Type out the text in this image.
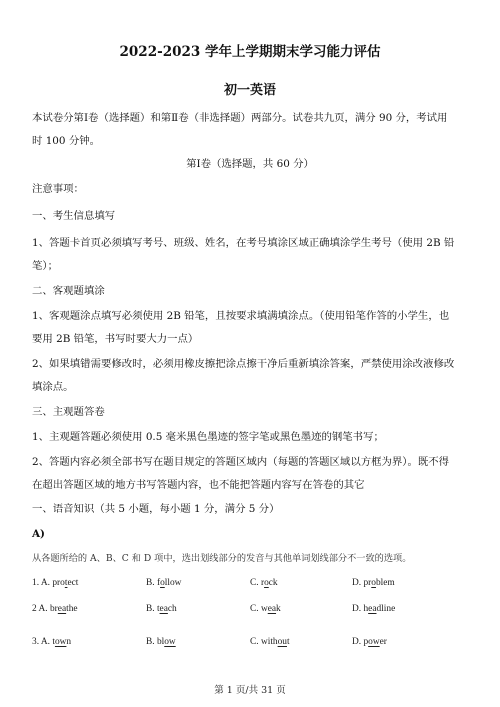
2022-2023 学年上学期期末学习能力评估
初一英语
本试卷分第Ⅰ卷（选择题）和第Ⅱ卷（非选择题）两部分。试卷共九页，满分 90 分，考试用
时 100 分钟。
第Ⅰ卷（选择题，共 60 分）
注意事项：
一、考生信息填写
1、答题卡首页必须填写考号、班级、姓名，在考号填涂区域正确填涂学生考号（使用 2B 铅
笔）；
二、客观题填涂
1、客观题涂点填写必须使用 2B 铅笔，且按要求填满填涂点。（使用铅笔作答的小学生，也
要用 2B 铅笔，书写时要大力一点）
2、如果填错需要修改时，必须用橡皮擦把涂点擦干净后重新填涂答案，严禁使用涂改液修改
填涂点。
三、主观题答卷
1、主观题答题必须使用 0.5 毫米黑色墨迹的签字笔或黑色墨迹的钢笔书写；
2、答题内容必须全部书写在题目规定的答题区域内（每题的答题区域以方框为界）。既不得
在超出答题区域的地方书写答题内容，也不能把答题内容写在答卷的其它
一、语音知识（共 5 小题，每小题 1 分，满分 5 分）
A)
从各题所给的 A、B、C 和 D 项中，选出划线部分的发音与其他单词划线部分不一致的选项。
1. A. protect	B. follow	C. rock	D. problem
2 A. breathe	B. teach	C. weak	D. headline
3. A. town	B. blow	C. without	D. power
第 1 页/共 31 页
